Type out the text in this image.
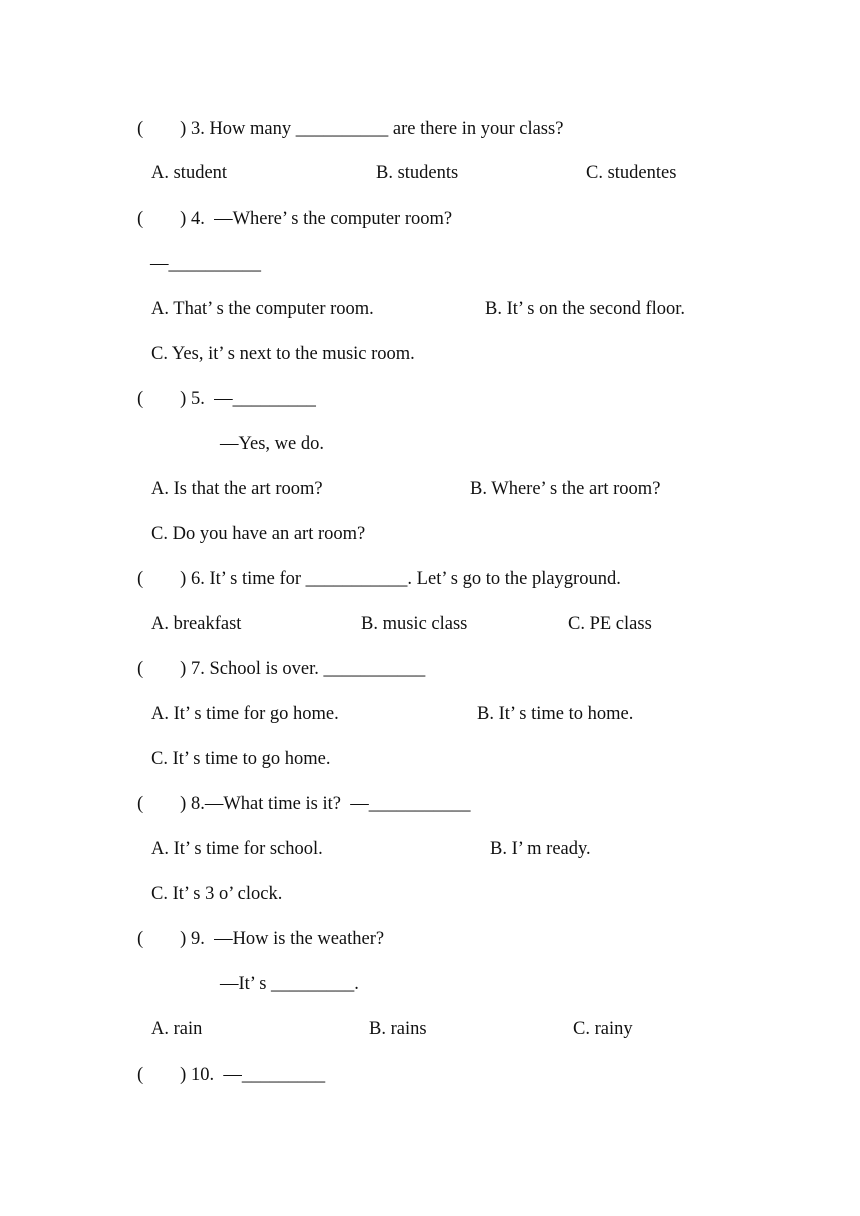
(        ) 3. How many __________ are there in your class?
A. student	B. students	C. studentes
(        ) 4.  —Where’ s the computer room?
—__________
A. That’ s the computer room.	B. It’ s on the second floor.
C. Yes, it’ s next to the music room.
(        ) 5.  —_________
—Yes, we do.
A. Is that the art room?	B. Where’ s the art room?
C. Do you have an art room?
(        ) 6. It’ s time for ___________. Let’ s go to the playground.
A. breakfast	B. music class	C. PE class
(        ) 7. School is over. ___________
A. It’ s time for go home.	B. It’ s time to home.
C. It’ s time to go home.
(        ) 8.—What time is it?  —___________
A. It’ s time for school.	B. I’ m ready.
C. It’ s 3 o’ clock.
(        ) 9.  —How is the weather?
—It’ s _________.
A. rain	B. rains	C. rainy
(        ) 10.  —_________
